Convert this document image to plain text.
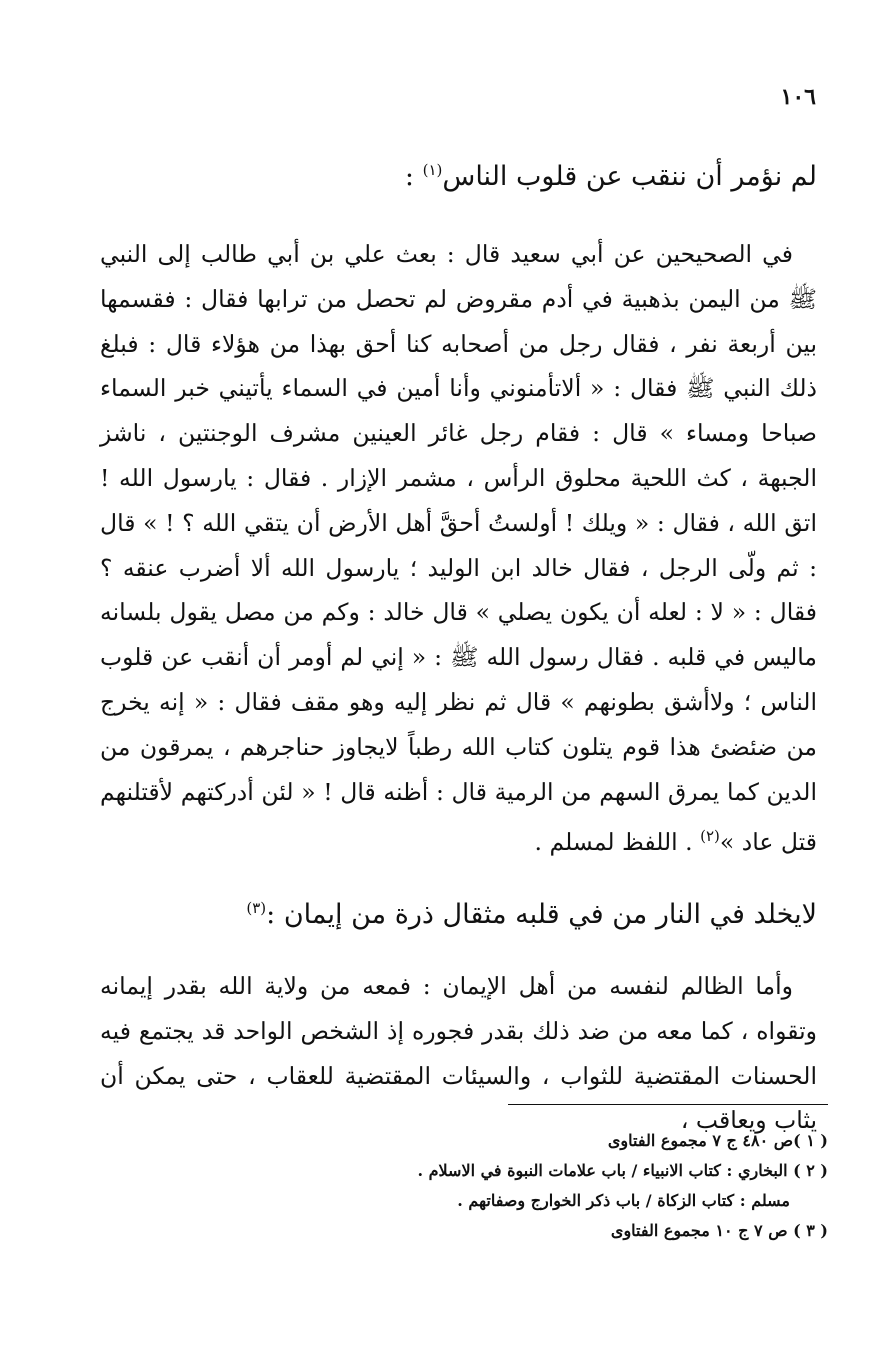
١٠٦
لم نؤمر أن ننقب عن قلوب الناس$^{(١)}$ :

في الصحيحين عن أبي سعيد قال : بعث علي بن أبي طالب إلى النبي ﷺ من اليمن بذهبية في أدم مقروض لم تحصل من ترابها فقال : فقسمها بين أربعة نفر ، فقال رجل من أصحابه كنا أحق بهذا من هؤلاء قال : فبلغ ذلك النبي ﷺ فقال : « ألاتأمنوني وأنا أمين في السماء يأتيني خبر السماء صباحا ومساء » قال : فقام رجل غائر العينين مشرف الوجنتين ، ناشز الجبهة ، كث اللحية محلوق الرأس ، مشمر الإزار . فقال : يارسول الله ! اتق الله ، فقال : « ويلك ! أولستُ أحقَّ أهل الأرض أن يتقي الله ؟ ! » قال : ثم ولّى الرجل ، فقال خالد ابن الوليد ؛ يارسول الله ألا أضرب عنقه ؟ فقال : « لا : لعله أن يكون يصلي » قال خالد : وكم من مصل يقول بلسانه ماليس في قلبه . فقال رسول الله ﷺ : « إني لم أومر أن أنقب عن قلوب الناس ؛ ولاأشق بطونهم » قال ثم نظر إليه وهو مقف فقال : « إنه يخرج من ضئضئ هذا قوم يتلون كتاب الله رطباً لايجاوز حناجرهم ، يمرقون من الدين كما يمرق السهم من الرمية قال : أظنه قال ! « لئن أدركتهم لأقتلنهم قتل عاد »$^{(٢)}$ . اللفظ لمسلم .

لايخلد في النار من في قلبه مثقال ذرة من إيمان :$^{(٣)}$

وأما الظالم لنفسه من أهل الإيمان : فمعه من ولاية الله بقدر إيمانه وتقواه ، كما معه من ضد ذلك بقدر فجوره إذ الشخص الواحد قد يجتمع فيه الحسنات المقتضية للثواب ، والسيئات المقتضية للعقاب ، حتى يمكن أن يثاب ويعاقب ،

( ١ )ص ٤٨٠ ج ٧ مجموع الفتاوى

( ٢ ) البخاري : كتاب الانبياء / باب علامات النبوة في الاسلام .

مسلم : كتاب الزكاة / باب ذكر الخوارج وصفاتهم .

( ٣ ) ص ٧ ج ١٠ مجموع الفتاوى
